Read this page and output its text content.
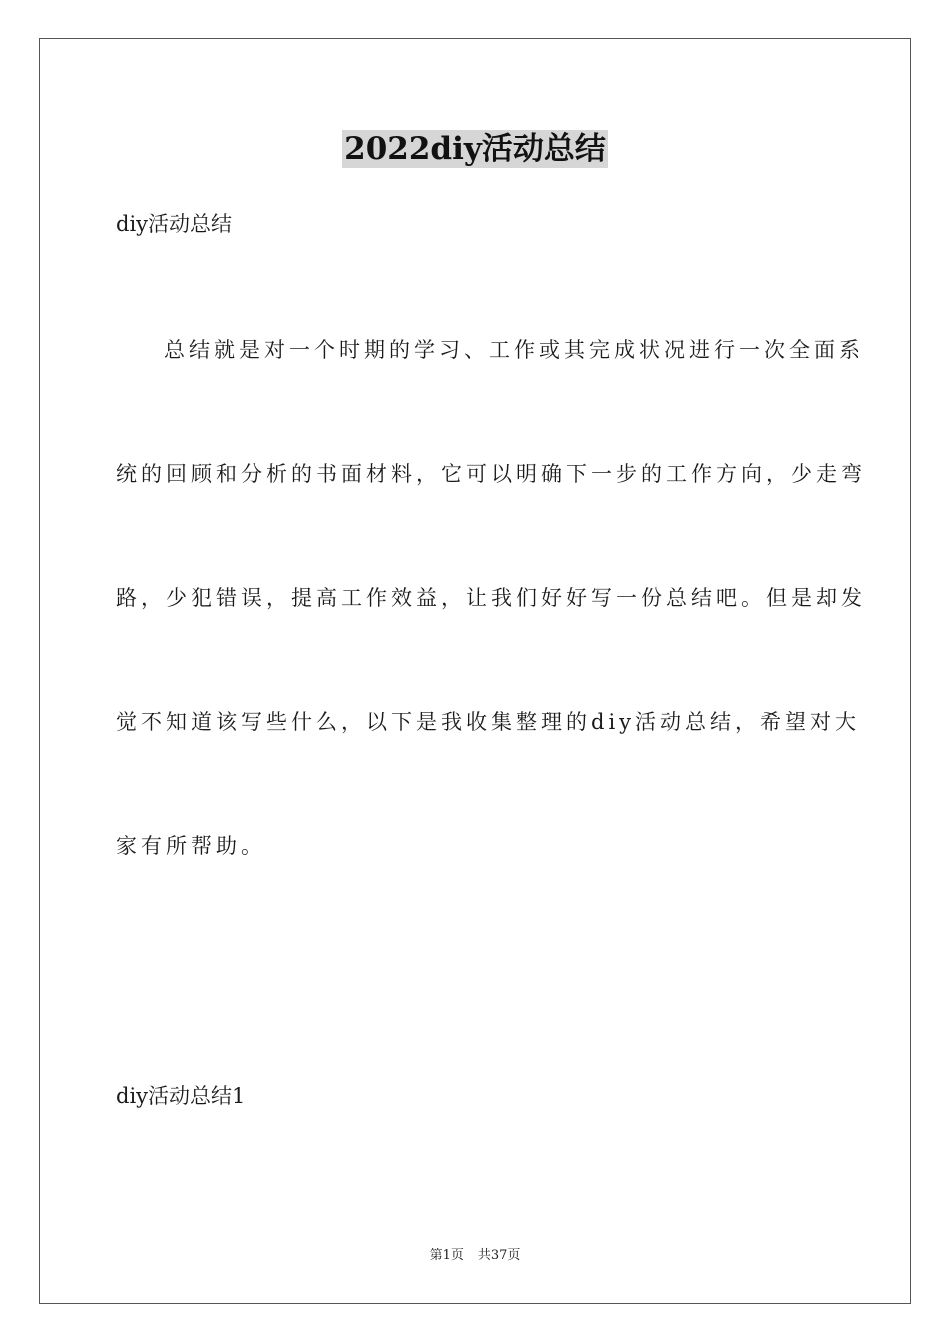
2022diy活动总结
diy活动总结
总结就是对一个时期的学习、工作或其完成状况进行一次全面系
统的回顾和分析的书面材料，它可以明确下一步的工作方向，少走弯
路，少犯错误，提高工作效益，让我们好好写一份总结吧。但是却发
觉不知道该写些什么，以下是我收集整理的diy活动总结，希望对大
家有所帮助。
diy活动总结1
第1页 共37页
